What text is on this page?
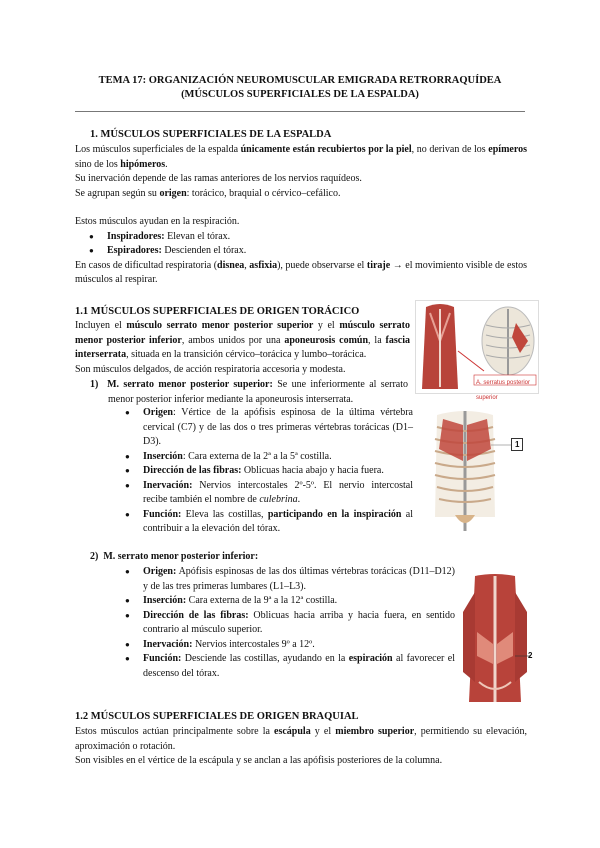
TEMA 17: ORGANIZACIÓN NEUROMUSCULAR EMIGRADA RETRORRAQUÍDEA
(MÚSCULOS SUPERFICIALES DE LA ESPALDA)
1. MÚSCULOS SUPERFICIALES DE LA ESPALDA

Los músculos superficiales de la espalda únicamente están recubiertos por la piel, no derivan de los epímeros sino de los hipómeros.

Su inervación depende de las ramas anteriores de los nervios raquídeos.

Se agrupan según su origen: torácico, braquial o cérvico–cefálico.

Estos músculos ayudan en la respiración.

● Inspiradores: Elevan el tórax.
● Espiradores: Descienden el tórax.

En casos de dificultad respiratoria (disnea, asfixia), puede observarse el tiraje → el movimiento visible de estos músculos al respirar.

1.1 MÚSCULOS SUPERFICIALES DE ORIGEN TORÁCICO

Incluyen el músculo serrato menor posterior superior y el músculo serrato menor posterior inferior, ambos unidos por una aponeurosis común, la fascia interserrata, situada en la transición cérvico–torácica y lumbo–torácica.

Son músculos delgados, de acción respiratoria accesoria y modesta.

1) M. serrato menor posterior superior: Se une inferiormente al serrato menor posterior inferior mediante la aponeurosis interserrata.

● Origen: Vértice de la apófisis espinosa de la última vértebra cervical (C7) y de las dos o tres primeras vértebras torácicas (D1–D3).
● Inserción: Cara externa de la 2ª a la 5ª costilla.
● Dirección de las fibras: Oblicuas hacia abajo y hacia fuera.
● Inervación: Nervios intercostales 2º-5º. El nervio intercostal recibe también el nombre de culebrina.
● Función: Eleva las costillas, participando en la inspiración al contribuir a la elevación del tórax.

2) M. serrato menor posterior inferior:

● Origen: Apófisis espinosas de las dos últimas vértebras torácicas (D11–D12) y de las tres primeras lumbares (L1–L3).
● Inserción: Cara externa de la 9ª a la 12ª costilla.
● Dirección de las fibras: Oblicuas hacia arriba y hacia fuera, en sentido contrario al músculo superior.
● Inervación: Nervios intercostales 9º a 12º.
● Función: Desciende las costillas, ayudando en la espiración al favorecer el descenso del tórax.
1.2 MÚSCULOS SUPERFICIALES DE ORIGEN BRAQUIAL

Estos músculos actúan principalmente sobre la escápula y el miembro superior, permitiendo su elevación, aproximación o rotación.

Son visibles en el vértice de la escápula y se anclan a las apófisis posteriores de la columna.

A. serratus posterior superior
1
2
